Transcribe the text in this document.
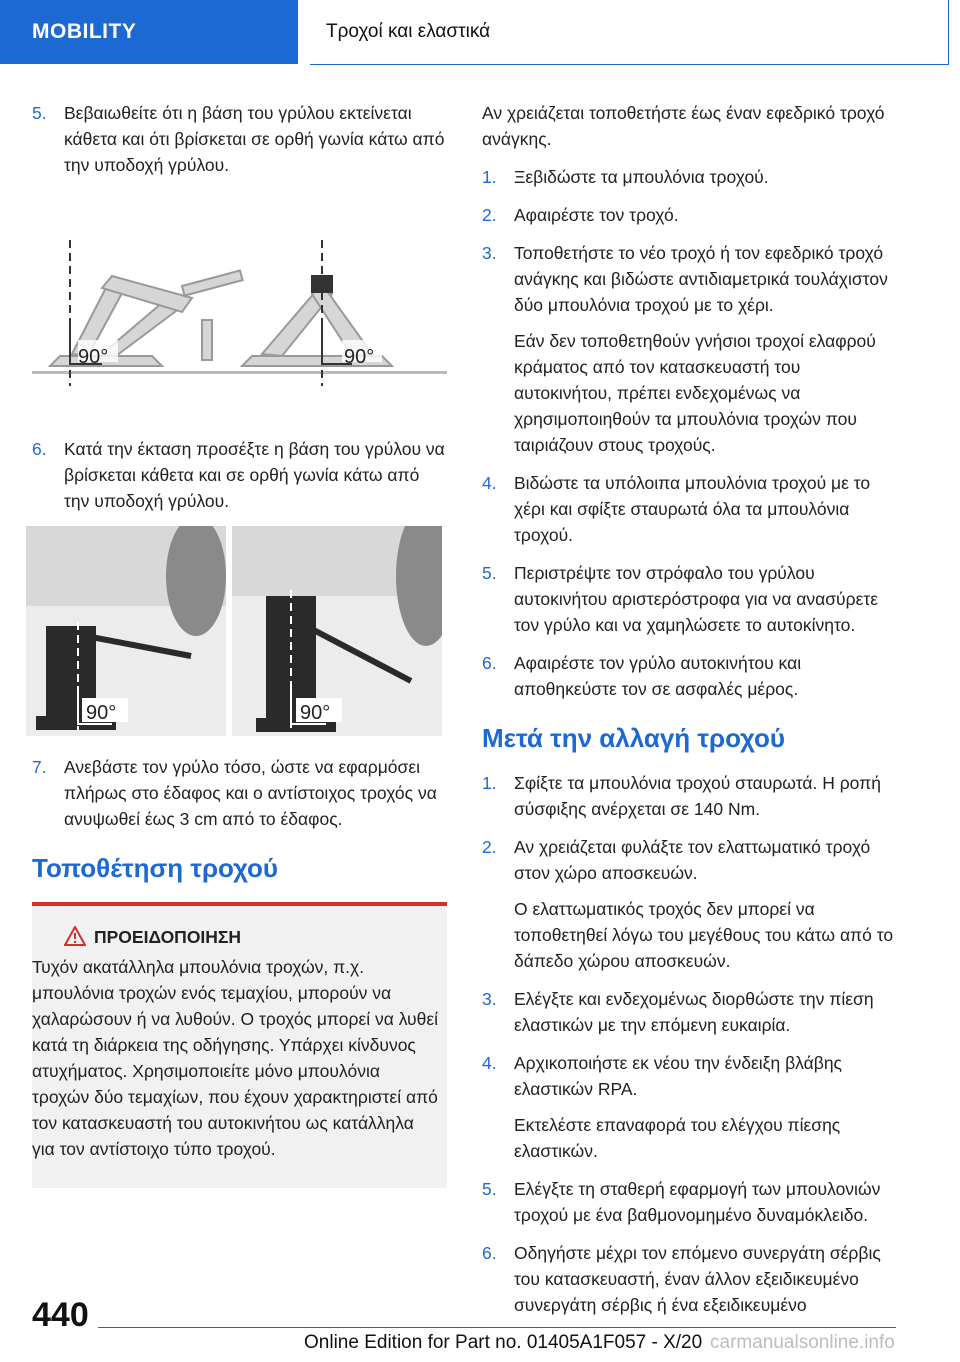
MOBILITY	Τροχοί και ελαστικά
5. Βεβαιωθείτε ότι η βάση του γρύλου εκτείνεται κάθετα και ότι βρίσκεται σε ορθή γωνία κάτω από την υποδοχή γρύλου.
90°	90°
6. Κατά την έκταση προσέξτε η βάση του γρύλου να βρίσκεται κάθετα και σε ορθή γωνία κάτω από την υποδοχή γρύλου.
90°	90°
7. Ανεβάστε τον γρύλο τόσο, ώστε να εφαρμόσει πλήρως στο έδαφος και ο αντίστοιχος τροχός να ανυψωθεί έως 3 cm από το έδαφος.
Τοποθέτηση τροχού
ΠΡΟΕΙΔΟΠΟΙΗΣΗ
Τυχόν ακατάλληλα μπουλόνια τροχών, π.χ. μπουλόνια τροχών ενός τεμαχίου, μπορούν να χαλαρώσουν ή να λυθούν. Ο τροχός μπορεί να λυθεί κατά τη διάρκεια της οδήγησης. Υπάρχει κίνδυνος ατυχήματος. Χρησιμοποιείτε μόνο μπουλόνια τροχών δύο τεμαχίων, που έχουν χαρακτηριστεί από τον κατασκευαστή του αυτοκινήτου ως κατάλληλα για τον αντίστοιχο τύπο τροχού.

Αν χρειάζεται τοποθετήστε έως έναν εφεδρικό τροχό ανάγκης.

1. Ξεβιδώστε τα μπουλόνια τροχού.
2. Αφαιρέστε τον τροχό.
3. Τοποθετήστε το νέο τροχό ή τον εφεδρικό τροχό ανάγκης και βιδώστε αντιδιαμετρικά τουλάχιστον δύο μπουλόνια τροχού με το χέρι.
Εάν δεν τοποθετηθούν γνήσιοι τροχοί ελαφρού κράματος από τον κατασκευαστή του αυτοκινήτου, πρέπει ενδεχομένως να χρησιμοποιηθούν τα μπουλόνια τροχών που ταιριάζουν στους τροχούς.
4. Βιδώστε τα υπόλοιπα μπουλόνια τροχού με το χέρι και σφίξτε σταυρωτά όλα τα μπουλόνια τροχού.
5. Περιστρέψτε τον στρόφαλο του γρύλου αυτοκινήτου αριστερόστροφα για να ανασύρετε τον γρύλο και να χαμηλώσετε το αυτοκίνητο.
6. Αφαιρέστε τον γρύλο αυτοκινήτου και αποθηκεύστε τον σε ασφαλές μέρος.
Μετά την αλλαγή τροχού
1. Σφίξτε τα μπουλόνια τροχού σταυρωτά. Η ροπή σύσφιξης ανέρχεται σε 140 Nm.
2. Αν χρειάζεται φυλάξτε τον ελαττωματικό τροχό στον χώρο αποσκευών.
Ο ελαττωματικός τροχός δεν μπορεί να τοποθετηθεί λόγω του μεγέθους του κάτω από το δάπεδο χώρου αποσκευών.
3. Ελέγξτε και ενδεχομένως διορθώστε την πίεση ελαστικών με την επόμενη ευκαιρία.
4. Αρχικοποιήστε εκ νέου την ένδειξη βλάβης ελαστικών RPA.
Εκτελέστε επαναφορά του ελέγχου πίεσης ελαστικών.
5. Ελέγξτε τη σταθερή εφαρμογή των μπουλονιών τροχού με ένα βαθμονομημένο δυναμόκλειδο.
6. Οδηγήστε μέχρι τον επόμενο συνεργάτη σέρβις του κατασκευαστή, έναν άλλον εξειδικευμένο συνεργάτη σέρβις ή ένα εξειδικευμένο
440
Online Edition for Part no. 01405A1F057 - X/20 carmanualsonline.info
